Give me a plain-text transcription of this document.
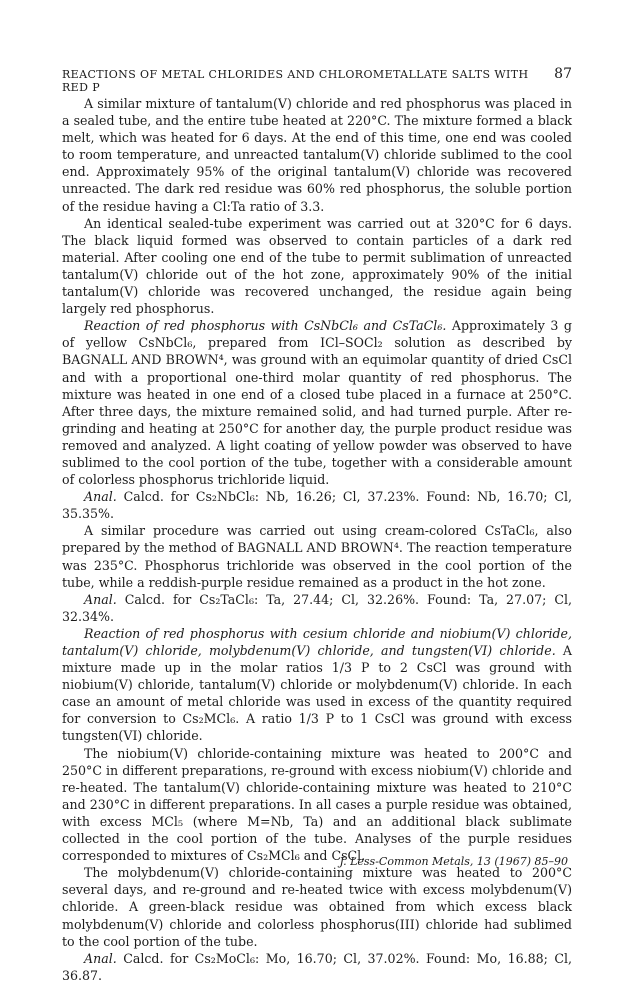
REACTIONS OF METAL CHLORIDES AND CHLOROMETALLATE SALTS WITH RED P
87

A similar mixture of tantalum(V) chloride and red phosphorus was placed in a sealed tube, and the entire tube heated at 220°C. The mixture formed a black melt, which was heated for 6 days. At the end of this time, one end was cooled to room temperature, and unreacted tantalum(V) chloride sublimed to the cool end. Approximately 95% of the original tantalum(V) chloride was recovered unreacted. The dark red residue was 60% red phosphorus, the soluble portion of the residue having a Cl:Ta ratio of 3.3.

An identical sealed-tube experiment was carried out at 320°C for 6 days. The black liquid formed was observed to contain particles of a dark red material. After cooling one end of the tube to permit sublimation of unreacted tantalum(V) chloride out of the hot zone, approximately 90% of the initial tantalum(V) chloride was recovered unchanged, the residue again being largely red phosphorus.

Reaction of red phosphorus with CsNbCl₆ and CsTaCl₆. Approximately 3 g of yellow CsNbCl₆, prepared from ICl–SOCl₂ solution as described by BAGNALL AND BROWN⁴, was ground with an equimolar quantity of dried CsCl and with a proportional one-third molar quantity of red phosphorus. The mixture was heated in one end of a closed tube placed in a furnace at 250°C. After three days, the mixture remained solid, and had turned purple. After re-grinding and heating at 250°C for another day, the purple product residue was removed and analyzed. A light coating of yellow powder was observed to have sublimed to the cool portion of the tube, together with a considerable amount of colorless phosphorus trichloride liquid.

Anal. Calcd. for Cs₂NbCl₆: Nb, 16.26; Cl, 37.23%. Found: Nb, 16.70; Cl, 35.35%.

A similar procedure was carried out using cream-colored CsTaCl₆, also prepared by the method of BAGNALL AND BROWN⁴. The reaction temperature was 235°C. Phosphorus trichloride was observed in the cool portion of the tube, while a reddish-purple residue remained as a product in the hot zone.

Anal. Calcd. for Cs₂TaCl₆: Ta, 27.44; Cl, 32.26%. Found: Ta, 27.07; Cl, 32.34%.

Reaction of red phosphorus with cesium chloride and niobium(V) chloride, tantalum(V) chloride, molybdenum(V) chloride, and tungsten(VI) chloride. A mixture made up in the molar ratios 1/3 P to 2 CsCl was ground with niobium(V) chloride, tantalum(V) chloride or molybdenum(V) chloride. In each case an amount of metal chloride was used in excess of the quantity required for conversion to Cs₂MCl₆. A ratio 1/3 P to 1 CsCl was ground with excess tungsten(VI) chloride.

The niobium(V) chloride-containing mixture was heated to 200°C and 250°C in different preparations, re-ground with excess niobium(V) chloride and re-heated. The tantalum(V) chloride-containing mixture was heated to 210°C and 230°C in different preparations. In all cases a purple residue was obtained, with excess MCl₅ (where M=Nb, Ta) and an additional black sublimate collected in the cool portion of the tube. Analyses of the purple residues corresponded to mixtures of Cs₂MCl₆ and CsCl.

The molybdenum(V) chloride-containing mixture was heated to 200°C several days, and re-ground and re-heated twice with excess molybdenum(V) chloride. A green-black residue was obtained from which excess black molybdenum(V) chloride and colorless phosphorus(III) chloride had sublimed to the cool portion of the tube.

Anal. Calcd. for Cs₂MoCl₆: Mo, 16.70; Cl, 37.02%. Found: Mo, 16.88; Cl, 36.87.

J. Less-Common Metals, 13 (1967) 85–90
